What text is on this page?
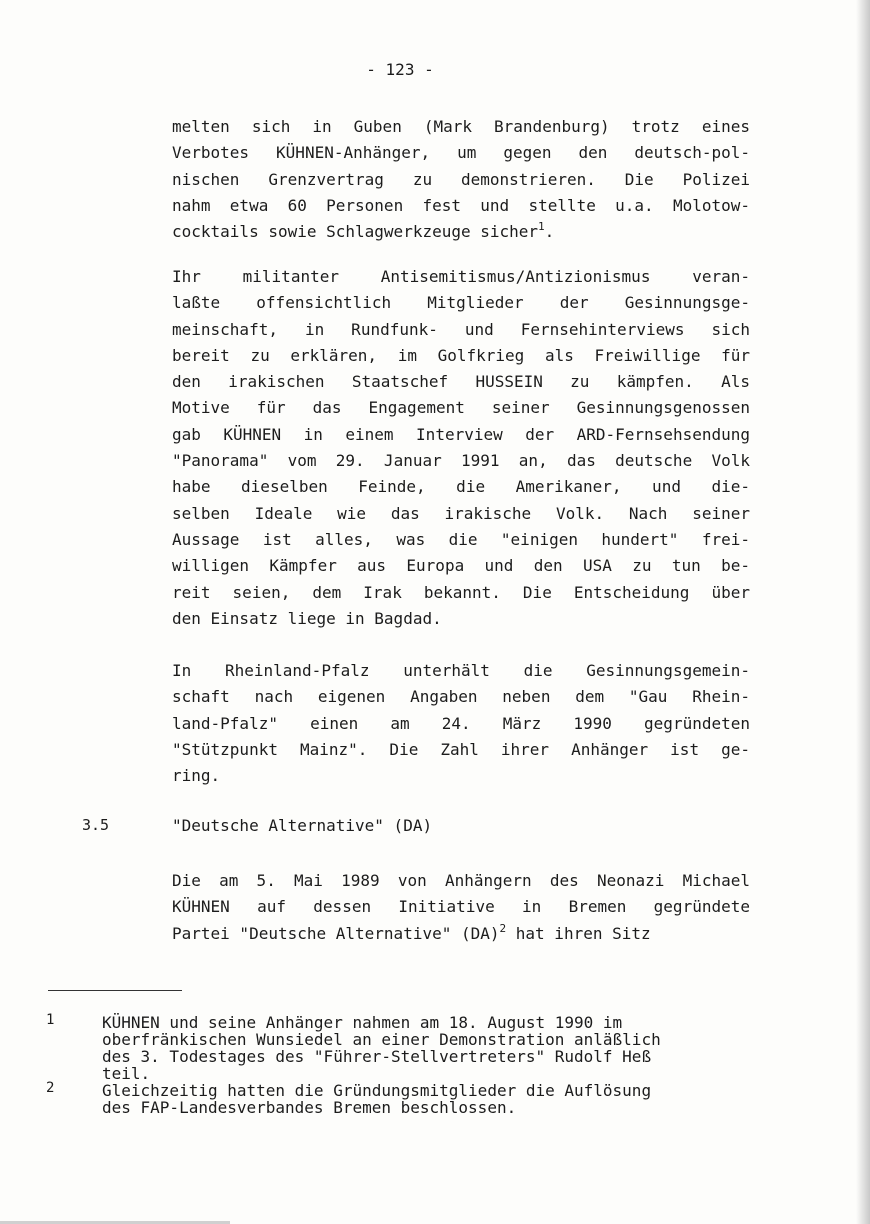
- 123 -
melten sich in Guben (Mark Brandenburg) trotz eines
Verbotes KÜHNEN-Anhänger, um gegen den deutsch-pol-
nischen Grenzvertrag zu demonstrieren. Die Polizei
nahm etwa 60 Personen fest und stellte u.a. Molotow-
cocktails sowie Schlagwerkzeuge sicher$^1$.
Ihr militanter Antisemitismus/Antizionismus veran-
laßte offensichtlich Mitglieder der Gesinnungsge-
meinschaft, in Rundfunk- und Fernsehinterviews sich
bereit zu erklären, im Golfkrieg als Freiwillige für
den irakischen Staatschef HUSSEIN zu kämpfen. Als
Motive für das Engagement seiner Gesinnungsgenossen
gab KÜHNEN in einem Interview der ARD-Fernsehsendung
"Panorama" vom 29. Januar 1991 an, das deutsche Volk
habe dieselben Feinde, die Amerikaner, und die-
selben Ideale wie das irakische Volk. Nach seiner
Aussage ist alles, was die "einigen hundert" frei-
willigen Kämpfer aus Europa und den USA zu tun be-
reit seien, dem Irak bekannt. Die Entscheidung über
den Einsatz liege in Bagdad.
In Rheinland-Pfalz unterhält die Gesinnungsgemein-
schaft nach eigenen Angaben neben dem "Gau Rhein-
land-Pfalz" einen am 24. März 1990 gegründeten
"Stützpunkt Mainz". Die Zahl ihrer Anhänger ist ge-
ring.
3.5	"Deutsche Alternative" (DA)
Die am 5. Mai 1989 von Anhängern des Neonazi Michael
KÜHNEN auf dessen Initiative in Bremen gegründete
Partei "Deutsche Alternative" (DA)$^2$ hat ihren Sitz
1	KÜHNEN und seine Anhänger nahmen am 18. August 1990 im
oberfränkischen Wunsiedel an einer Demonstration anläßlich
des 3. Todestages des "Führer-Stellvertreters" Rudolf Heß
teil.
2	Gleichzeitig hatten die Gründungsmitglieder die Auflösung
des FAP-Landesverbandes Bremen beschlossen.
